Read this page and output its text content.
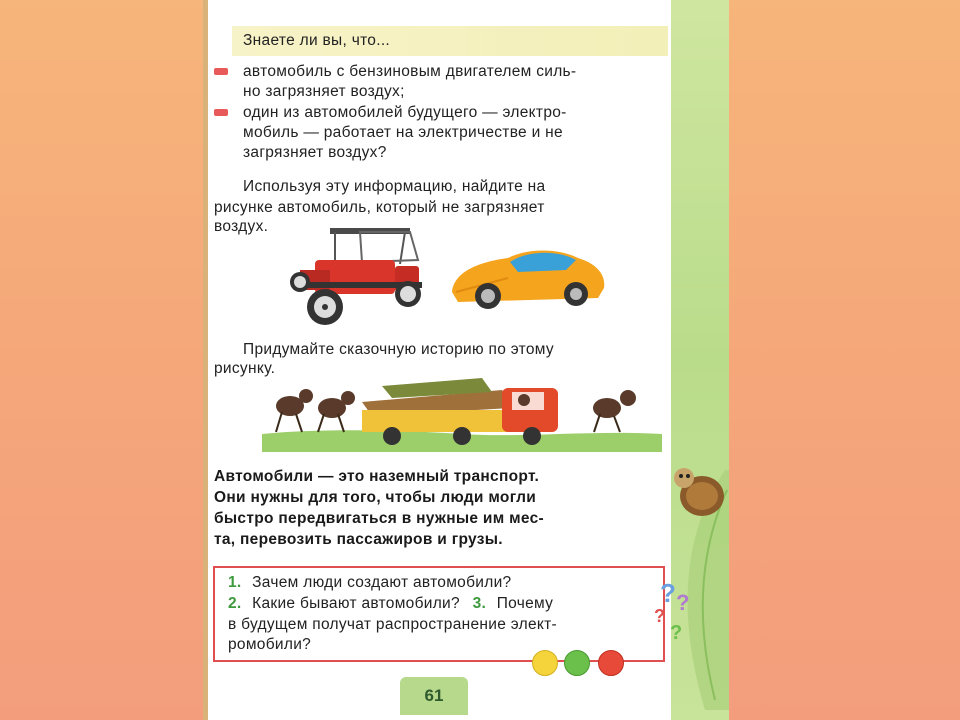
Знаете ли вы, что...
автомобиль с бензиновым двигателем силь-
но загрязняет воздух;
один из автомобилей будущего — электро-
мобиль — работает на электричестве и не
загрязняет воздух?
Используя эту информацию, найдите на
рисунке автомобиль, который не загрязняет
воздух.
Придумайте сказочную историю по этому
рисунку.
Автомобили — это наземный транспорт.
Они нужны для того, чтобы люди могли
быстро передвигаться в нужные им мес-
та, перевозить пассажиров и грузы.
1. Зачем люди создают автомобили?
2. Какие бывают автомобили? 3. Почему
в будущем получат распространение элект-
ромобили?
? ?
?
?
61
